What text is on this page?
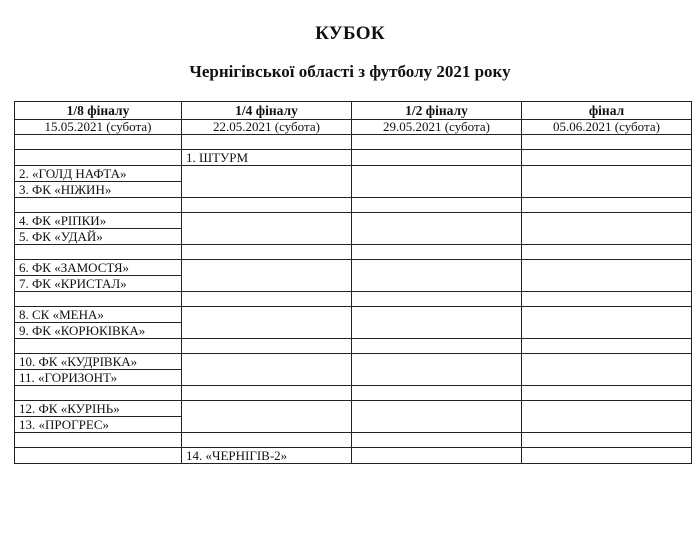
КУБОК
Чернігівської області з футболу 2021 року
1/8 фіналу	1/4 фіналу	1/2 фіналу	фінал
15.05.2021 (субота)	22.05.2021 (субота)	29.05.2021 (субота)	05.06.2021 (субота)

	1. ШТУРМ		
2. «ГОЛД НАФТА»			
3. ФК «НІЖИН»			

4. ФК «РІПКИ»			
5. ФК «УДАЙ»			

6. ФК «ЗАМОСТЯ»			
7. ФК «КРИСТАЛ»			

8. СК «МЕНА»			
9. ФК «КОРЮКІВКА»			

10. ФК «КУДРІВКА»			
11. «ГОРИЗОНТ»			

12. ФК «КУРІНЬ»			
13. «ПРОГРЕС»			

	14. «ЧЕРНІГІВ-2»		
